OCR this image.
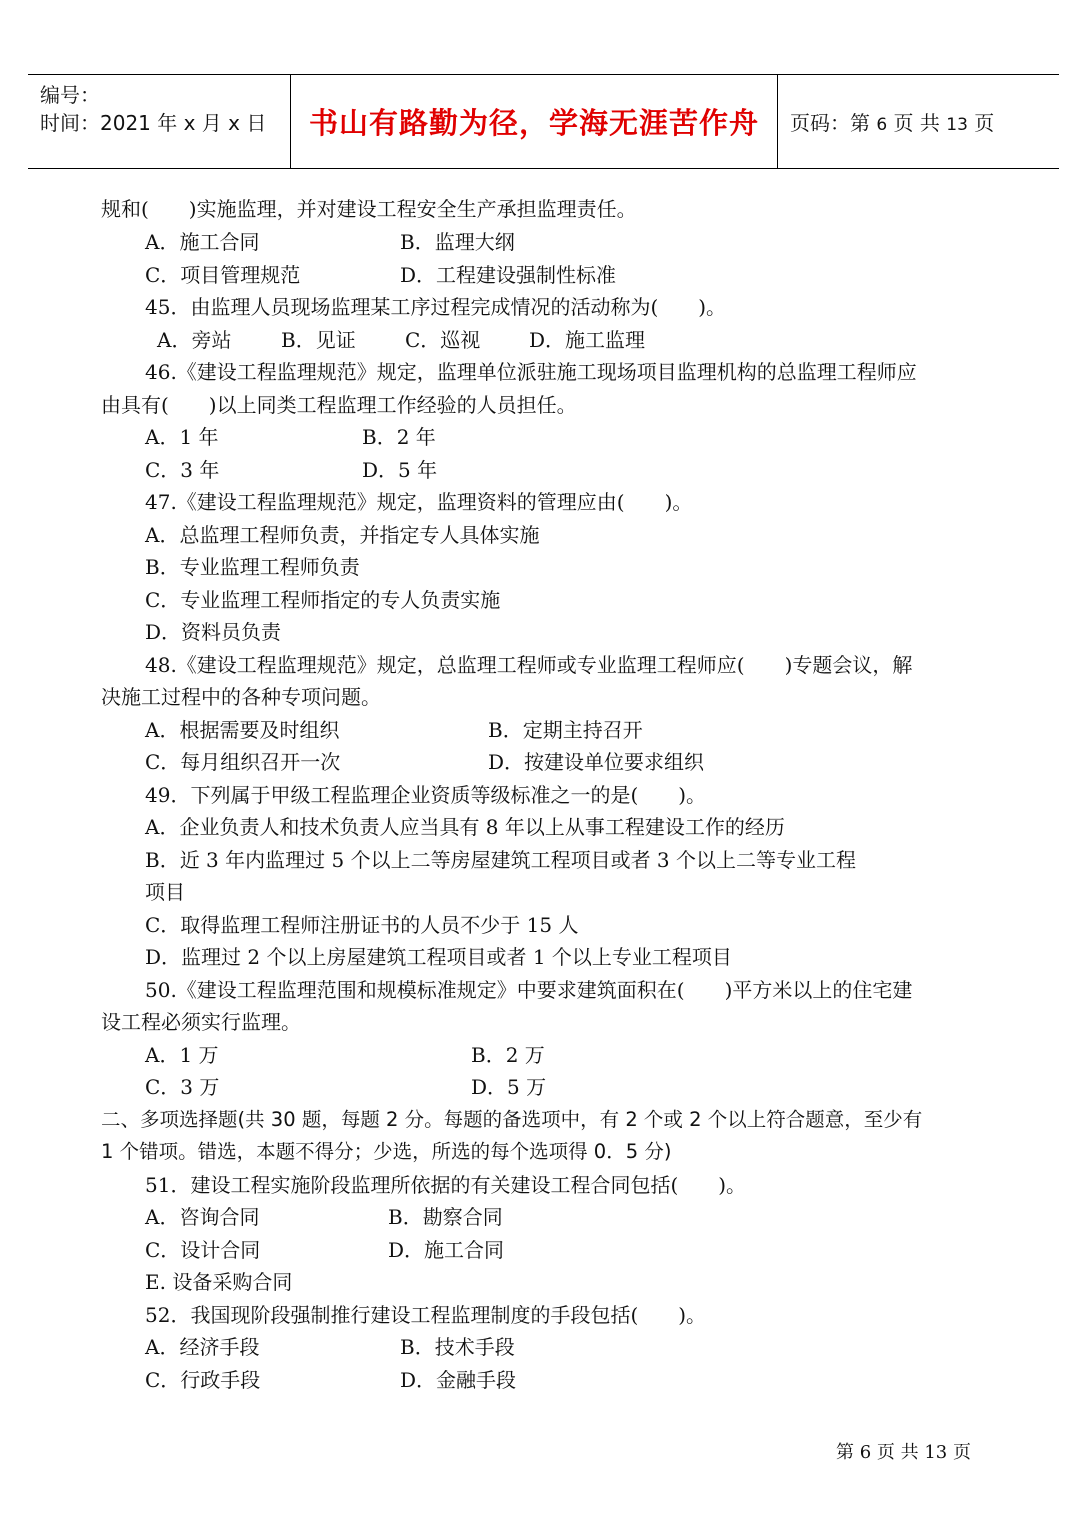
编号：
时间：2021 年 x 月 x 日 书山有路勤为径，学海无涯苦作舟 页码：第 6 页 共 13 页
规和(　　)实施监理，并对建设工程安全生产承担监理责任。
A．施工合同	B．监理大纲
C．项目管理规范	D．工程建设强制性标准
45．由监理人员现场监理某工序过程完成情况的活动称为(　　)。
A．旁站 B．见证 C．巡视 D．施工监理
46.《建设工程监理规范》规定，监理单位派驻施工现场项目监理机构的总监理工程师应
由具有(　　)以上同类工程监理工作经验的人员担任。
A．1 年	B．2 年
C．3 年	D．5 年
47.《建设工程监理规范》规定，监理资料的管理应由(　　)。
A．总监理工程师负责，并指定专人具体实施
B．专业监理工程师负责
C．专业监理工程师指定的专人负责实施
D．资料员负责
48.《建设工程监理规范》规定，总监理工程师或专业监理工程师应(　　)专题会议，解
决施工过程中的各种专项问题。
A．根据需要及时组织	B．定期主持召开
C．每月组织召开一次	D．按建设单位要求组织
49．下列属于甲级工程监理企业资质等级标准之一的是(　　)。
A．企业负责人和技术负责人应当具有 8 年以上从事工程建设工作的经历
B．近 3 年内监理过 5 个以上二等房屋建筑工程项目或者 3 个以上二等专业工程
项目
C．取得监理工程师注册证书的人员不少于 15 人
D．监理过 2 个以上房屋建筑工程项目或者 1 个以上专业工程项目
50.《建设工程监理范围和规模标准规定》中要求建筑面积在(　　)平方米以上的住宅建
设工程必须实行监理。
A．1 万	B．2 万
C．3 万	D．5 万
二、多项选择题(共 30 题，每题 2 分。每题的备选项中，有 2 个或 2 个以上符合题意，至少有
1 个错项。错选，本题不得分；少选，所选的每个选项得 0．5 分)
51．建设工程实施阶段监理所依据的有关建设工程合同包括(　　)。
A．咨询合同	B．勘察合同
C．设计合同	D．施工合同
E. 设备采购合同
52．我国现阶段强制推行建设工程监理制度的手段包括(　　)。
A．经济手段	B．技术手段
C．行政手段	D．金融手段
第 6 页 共 13 页
